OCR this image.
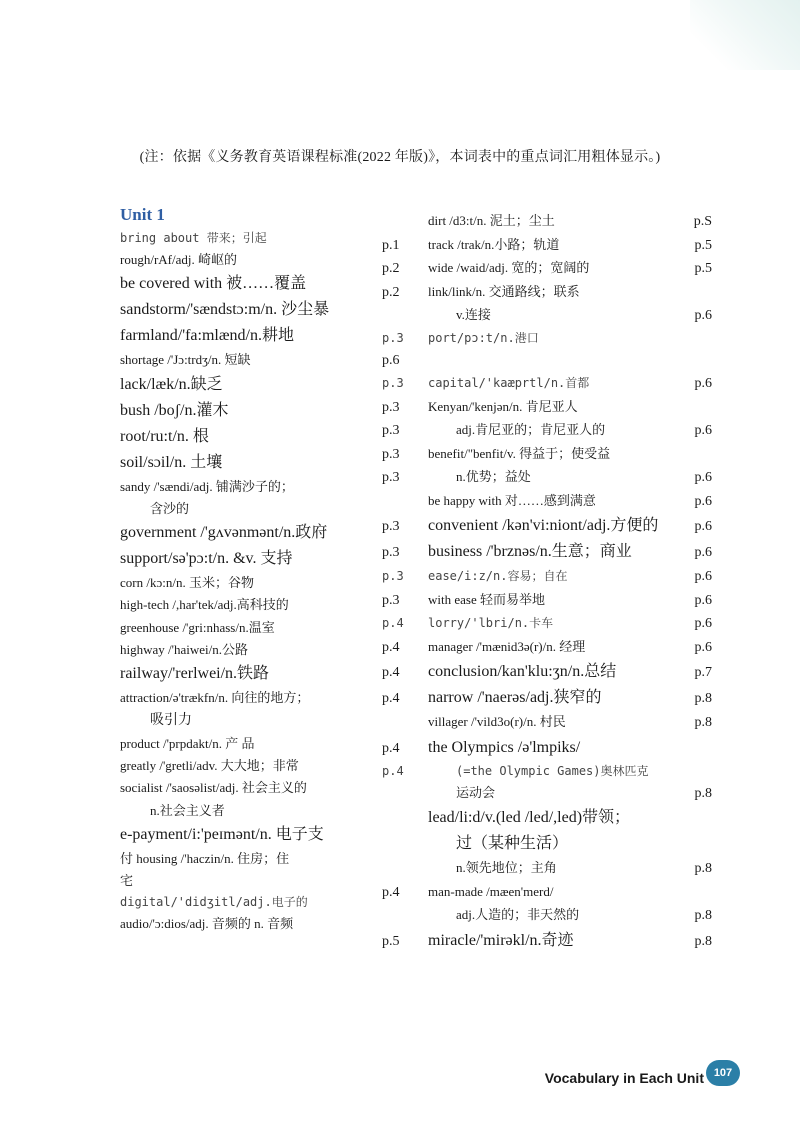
(注：依据《义务教育英语课程标准(2022 年版)》，本词表中的重点词汇用粗体显示。)
Unit 1
bring about 带来；引起
rough/rAf/adj. 崎岖的
be covered with 被……覆盖
sandstorm/'sændstɔ:m/n. 沙尘暴
farmland/'fa:mlænd/n.耕地
shortage /'Jɔ:trdʒ/n. 短缺
lack/læk/n.缺乏
bush /boʃ/n.灌木
root/ru:t/n. 根
soil/sɔil/n. 土壤
sandy /'sændi/adj. 铺满沙子的；
含沙的
government /'gʌvənmənt/n.政府
support/sə'pɔ:t/n. &v. 支持
corn /kɔ:n/n. 玉米；谷物
high-tech /,har'tek/adj.高科技的
greenhouse /'gri:nhass/n.温室
highway /'haiwei/n.公路
railway/'rerlwei/n.铁路
attraction/ə'trækfn/n. 向往的地方；
吸引力
product /'prpdakt/n. 产 品
greatly /'gretli/adv. 大大地；非常
socialist /'saosəlist/adj. 社会主义的
n.社会主义者
e-payment/i:'peɪmənt/n. 电子支
付 housing /'haczin/n. 住房；住
宅
digital/'didʒitl/adj.电子的
audio/'ɔ:dios/adj. 音频的 n. 音频
dirt /d3:t/n. 泥土；尘土	p.S
p.1	track /trak/n.小路；轨道	p.5
p.2	wide /waid/adj. 宽的；宽阔的	p.5
p.2	link/link/n. 交通路线；联系
v.连接	p.6
p.3	port/pɔ:t/n.港口
p.6
p.3	capital/'kaæprtl/n.首都	p.6
p.3	Kenyan/'kenjən/n. 肯尼亚人
p.3	adj.肯尼亚的；肯尼亚人的	p.6
p.3	benefit/"benfit/v. 得益于；使受益
p.3	n.优势；益处	p.6
be happy with 对……感到满意	p.6
p.3	convenient /kən'vi:niont/adj.方便的	p.6
p.3	business /'brznəs/n.生意；商业	p.6
p.3	ease/i:z/n.容易；自在	p.6
p.3	with ease 轻而易举地	p.6
p.4	lorry/'lbri/n.卡车	p.6
p.4	manager /'mænid3ə(r)/n. 经理	p.6
p.4	conclusion/kan'klu:ʒn/n.总结	p.7
p.4	narrow /'naerəs/adj.狭窄的	p.8
villager /'vild3o(r)/n. 村民	p.8
p.4	the Olympics /ə'lmpiks/
p.4	(=the Olympic Games)奥林匹克
运动会	p.8
lead/li:d/v.(led /led/,led)带领；
过（某种生活）
n.领先地位；主角	p.8
p.4	man-made /mæen'merd/
adj.人造的；非天然的	p.8
p.5	miracle/'mirəkl/n.奇迹	p.8
Vocabulary in Each Unit 107
